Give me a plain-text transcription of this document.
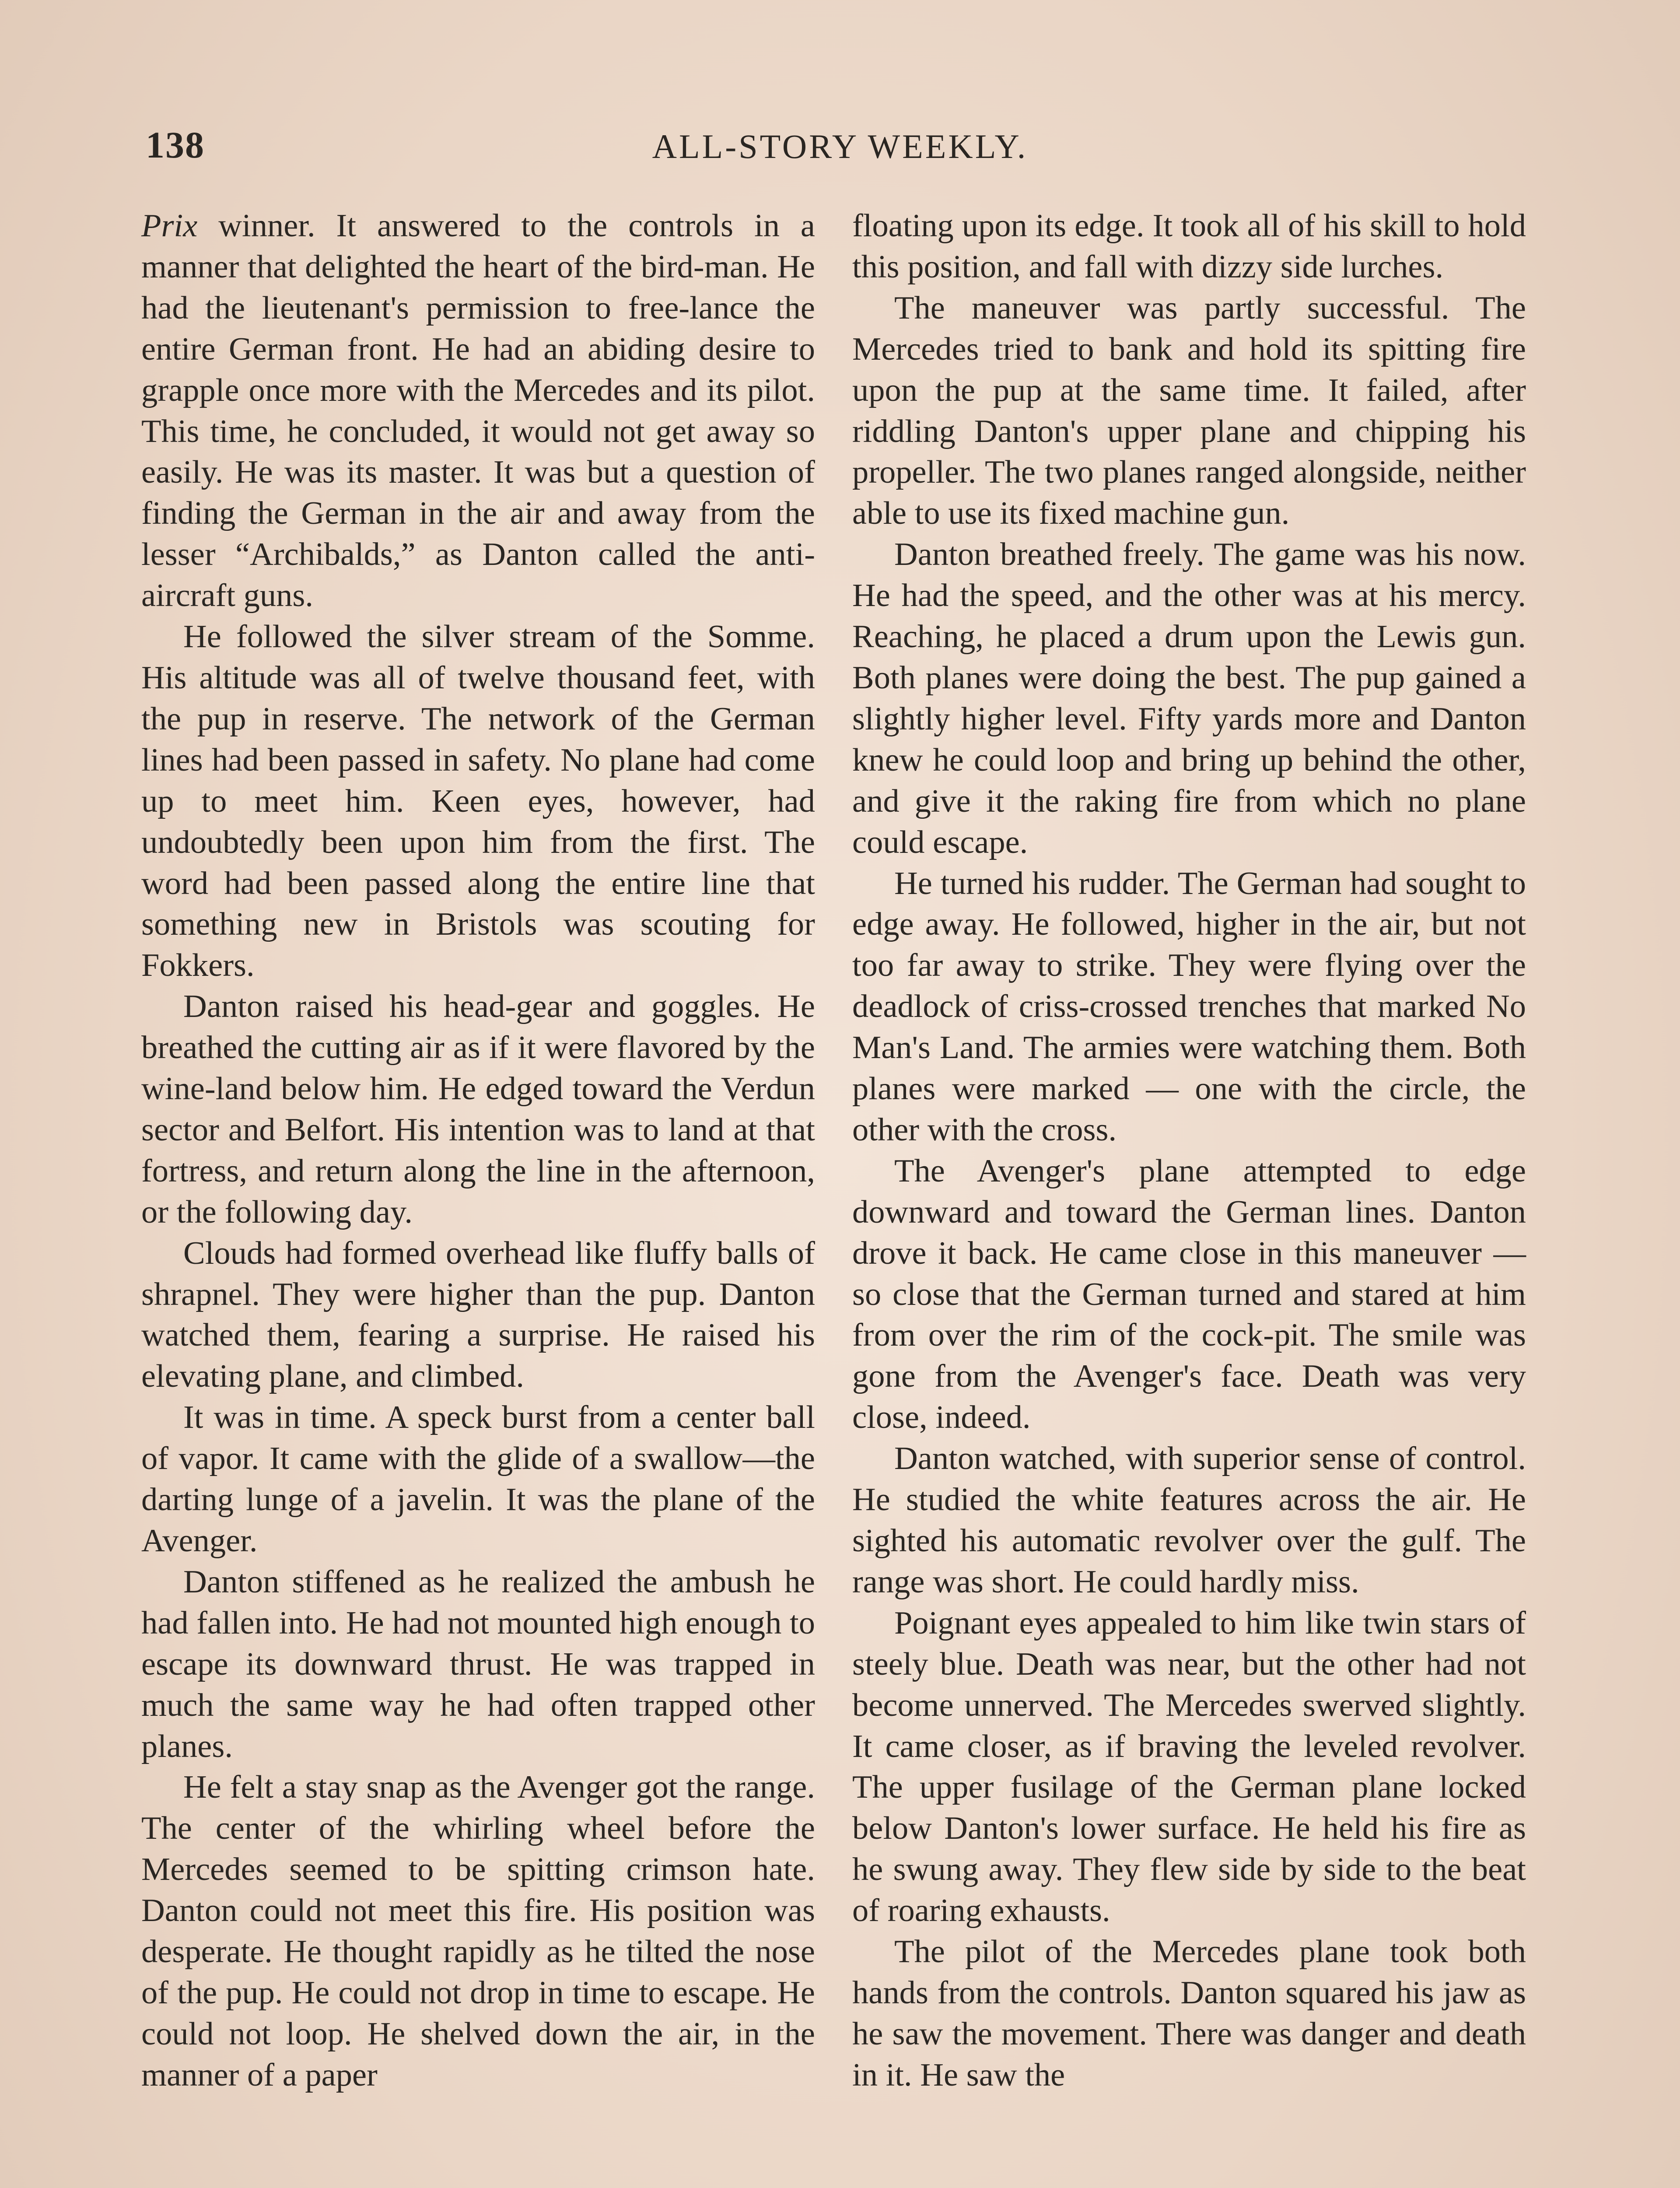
138	ALL-STORY WEEKLY.

Prix winner. It answered to the controls in a manner that delighted the heart of the bird-man. He had the lieutenant's permission to free-lance the entire German front. He had an abiding desire to grapple once more with the Mercedes and its pilot. This time, he concluded, it would not get away so easily. He was its master. It was but a question of finding the German in the air and away from the lesser “Archibalds,” as Danton called the anti-aircraft guns.

He followed the silver stream of the Somme. His altitude was all of twelve thousand feet, with the pup in reserve. The network of the German lines had been passed in safety. No plane had come up to meet him. Keen eyes, however, had undoubtedly been upon him from the first. The word had been passed along the entire line that something new in Bristols was scouting for Fokkers.

Danton raised his head-gear and goggles. He breathed the cutting air as if it were flavored by the wine-land below him. He edged toward the Verdun sector and Belfort. His intention was to land at that fortress, and return along the line in the afternoon, or the following day.

Clouds had formed overhead like fluffy balls of shrapnel. They were higher than the pup. Danton watched them, fearing a surprise. He raised his elevating plane, and climbed.

It was in time. A speck burst from a center ball of vapor. It came with the glide of a swallow—the darting lunge of a javelin. It was the plane of the Avenger.

Danton stiffened as he realized the ambush he had fallen into. He had not mounted high enough to escape its downward thrust. He was trapped in much the same way he had often trapped other planes.

He felt a stay snap as the Avenger got the range. The center of the whirling wheel before the Mercedes seemed to be spitting crimson hate. Danton could not meet this fire. His position was desperate. He thought rapidly as he tilted the nose of the pup. He could not drop in time to escape. He could not loop. He shelved down the air, in the manner of a paper

floating upon its edge. It took all of his skill to hold this position, and fall with dizzy side lurches.

The maneuver was partly successful. The Mercedes tried to bank and hold its spitting fire upon the pup at the same time. It failed, after riddling Danton's upper plane and chipping his propeller. The two planes ranged alongside, neither able to use its fixed machine gun.

Danton breathed freely. The game was his now. He had the speed, and the other was at his mercy. Reaching, he placed a drum upon the Lewis gun. Both planes were doing the best. The pup gained a slightly higher level. Fifty yards more and Danton knew he could loop and bring up behind the other, and give it the raking fire from which no plane could escape.

He turned his rudder. The German had sought to edge away. He followed, higher in the air, but not too far away to strike. They were flying over the deadlock of criss-crossed trenches that marked No Man's Land. The armies were watching them. Both planes were marked — one with the circle, the other with the cross.

The Avenger's plane attempted to edge downward and toward the German lines. Danton drove it back. He came close in this maneuver — so close that the German turned and stared at him from over the rim of the cock-pit. The smile was gone from the Avenger's face. Death was very close, indeed.

Danton watched, with superior sense of control. He studied the white features across the air. He sighted his automatic revolver over the gulf. The range was short. He could hardly miss.

Poignant eyes appealed to him like twin stars of steely blue. Death was near, but the other had not become unnerved. The Mercedes swerved slightly. It came closer, as if braving the leveled revolver. The upper fusilage of the German plane locked below Danton's lower surface. He held his fire as he swung away. They flew side by side to the beat of roaring exhausts.

The pilot of the Mercedes plane took both hands from the controls. Danton squared his jaw as he saw the movement. There was danger and death in it. He saw the
